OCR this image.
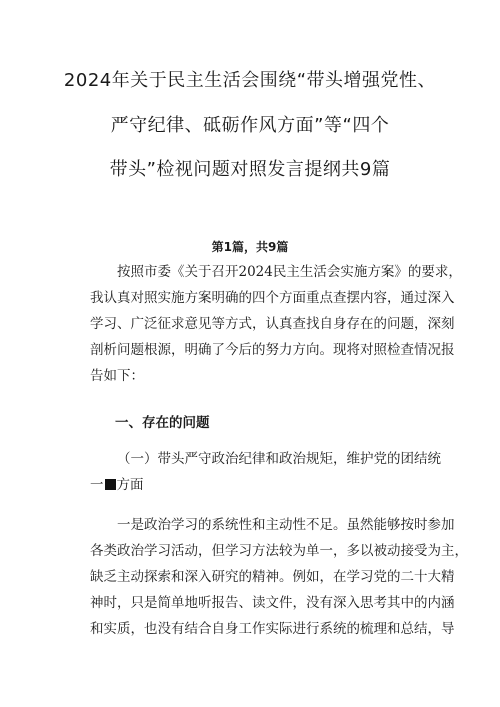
2024年关于民主生活会围绕“带头增强党性、
严守纪律、砥砺作风方面”等“四个
带头”检视问题对照发言提纲共9篇
第1篇，共9篇
按照市委《关于召开2024民主生活会实施方案》的要求，
我认真对照实施方案明确的四个方面重点查摆内容，通过深入
学习、广泛征求意见等方式，认真查找自身存在的问题，深刻
剖析问题根源，明确了今后的努力方向。现将对照检查情况报
告如下：
一、存在的问题
（一）带头严守政治纪律和政治规矩，维护党的团结统
一 方面
一是政治学习的系统性和主动性不足。虽然能够按时参加
各类政治学习活动，但学习方法较为单一，多以被动接受为主，
缺乏主动探索和深入研究的精神。例如，在学习党的二十大精
神时，只是简单地听报告、读文件，没有深入思考其中的内涵
和实质，也没有结合自身工作实际进行系统的梳理和总结，导
